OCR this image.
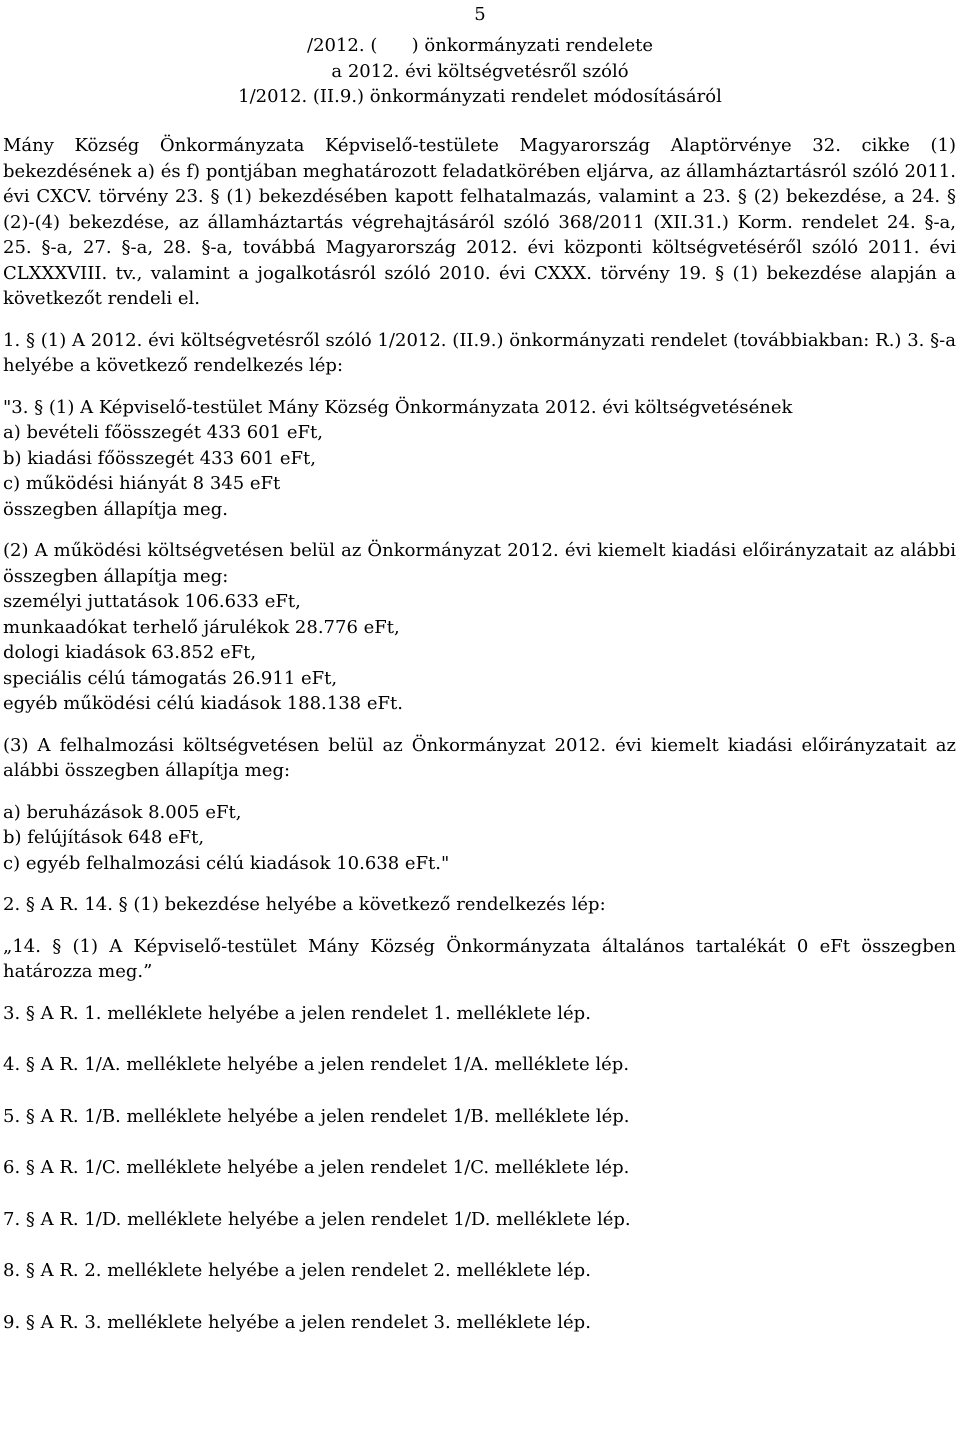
5
/2012. (      ) önkormányzati rendelete
a 2012. évi költségvetésről szóló
1/2012. (II.9.) önkormányzati rendelet módosításáról

Mány Község Önkormányzata Képviselő-testülete Magyarország Alaptörvénye 32. cikke (1) bekezdésének a) és f) pontjában meghatározott feladatkörében eljárva, az államháztartásról szóló 2011. évi CXCV. törvény 23. § (1) bekezdésében kapott felhatalmazás, valamint a 23. § (2) bekezdése, a 24. § (2)-(4) bekezdése, az államháztartás végrehajtásáról szóló 368/2011 (XII.31.) Korm. rendelet 24. §-a, 25. §-a, 27. §-a, 28. §-a, továbbá Magyarország 2012. évi központi költségvetéséről szóló 2011. évi CLXXXVIII. tv., valamint a jogalkotásról szóló 2010. évi CXXX. törvény 19. § (1) bekezdése alapján a következőt rendeli el.

1. § (1) A 2012. évi költségvetésről szóló 1/2012. (II.9.) önkormányzati rendelet (továbbiakban: R.) 3. §-a helyébe a következő rendelkezés lép:

"3. § (1) A Képviselő-testület Mány Község Önkormányzata 2012. évi költségvetésének

a) bevételi főösszegét 433 601 eFt,

b) kiadási főösszegét 433 601 eFt,

c) működési hiányát 8 345 eFt

összegben állapítja meg.

(2) A működési költségvetésen belül az Önkormányzat 2012. évi kiemelt kiadási előirányzatait az alábbi összegben állapítja meg:

személyi juttatások 106.633 eFt,

munkaadókat terhelő járulékok 28.776 eFt,

dologi kiadások 63.852 eFt,

speciális célú támogatás 26.911 eFt,

egyéb működési célú kiadások 188.138 eFt.

(3) A felhalmozási költségvetésen belül az Önkormányzat 2012. évi kiemelt kiadási előirányzatait az alábbi összegben állapítja meg:

a) beruházások 8.005 eFt,

b) felújítások 648 eFt,

c) egyéb felhalmozási célú kiadások 10.638 eFt."

2. § A R. 14. § (1) bekezdése helyébe a következő rendelkezés lép:

„14. § (1) A Képviselő-testület Mány Község Önkormányzata általános tartalékát 0 eFt összegben határozza meg.”

3. § A R. 1. melléklete helyébe a jelen rendelet 1. melléklete lép.

4. § A R. 1/A. melléklete helyébe a jelen rendelet 1/A. melléklete lép.

5. § A R. 1/B. melléklete helyébe a jelen rendelet 1/B. melléklete lép.

6. § A R. 1/C. melléklete helyébe a jelen rendelet 1/C. melléklete lép.

7. § A R. 1/D. melléklete helyébe a jelen rendelet 1/D. melléklete lép.

8. § A R. 2. melléklete helyébe a jelen rendelet 2. melléklete lép.

9. § A R. 3. melléklete helyébe a jelen rendelet 3. melléklete lép.
